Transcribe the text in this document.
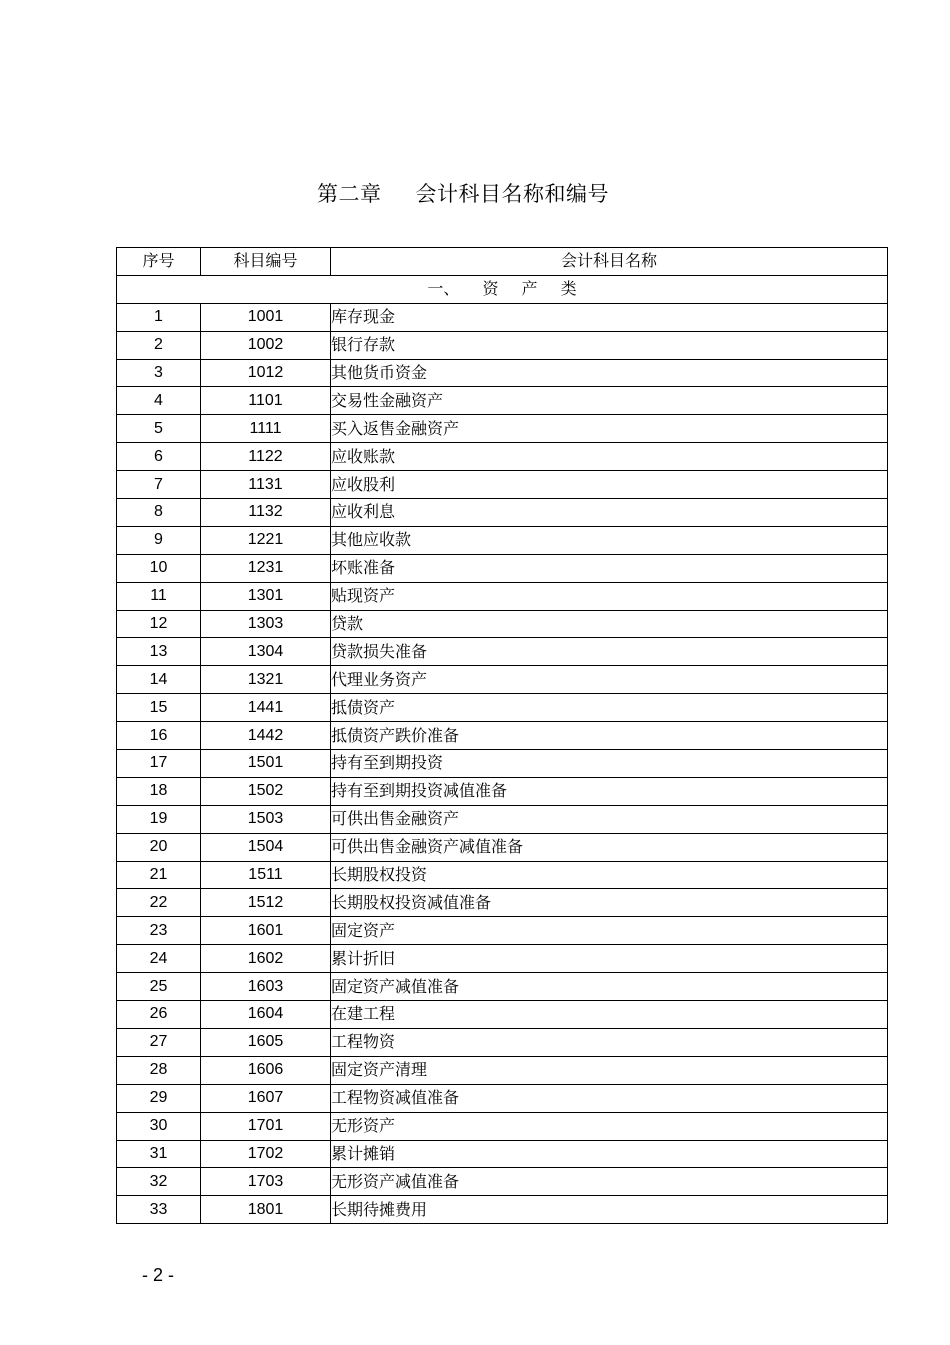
第二章 会计科目名称和编号
序号	科目编号	会计科目名称
一、 资 产 类		
1	1001	库存现金
2	1002	银行存款
3	1012	其他货币资金
4	1101	交易性金融资产
5	1111	买入返售金融资产
6	1122	应收账款
7	1131	应收股利
8	1132	应收利息
9	1221	其他应收款
10	1231	坏账准备
11	1301	贴现资产
12	1303	贷款
13	1304	贷款损失准备
14	1321	代理业务资产
15	1441	抵债资产
16	1442	抵债资产跌价准备
17	1501	持有至到期投资
18	1502	持有至到期投资减值准备
19	1503	可供出售金融资产
20	1504	可供出售金融资产减值准备
21	1511	长期股权投资
22	1512	长期股权投资减值准备
23	1601	固定资产
24	1602	累计折旧
25	1603	固定资产减值准备
26	1604	在建工程
27	1605	工程物资
28	1606	固定资产清理
29	1607	工程物资减值准备
30	1701	无形资产
31	1702	累计摊销
32	1703	无形资产减值准备
33	1801	长期待摊费用
- 2 -
